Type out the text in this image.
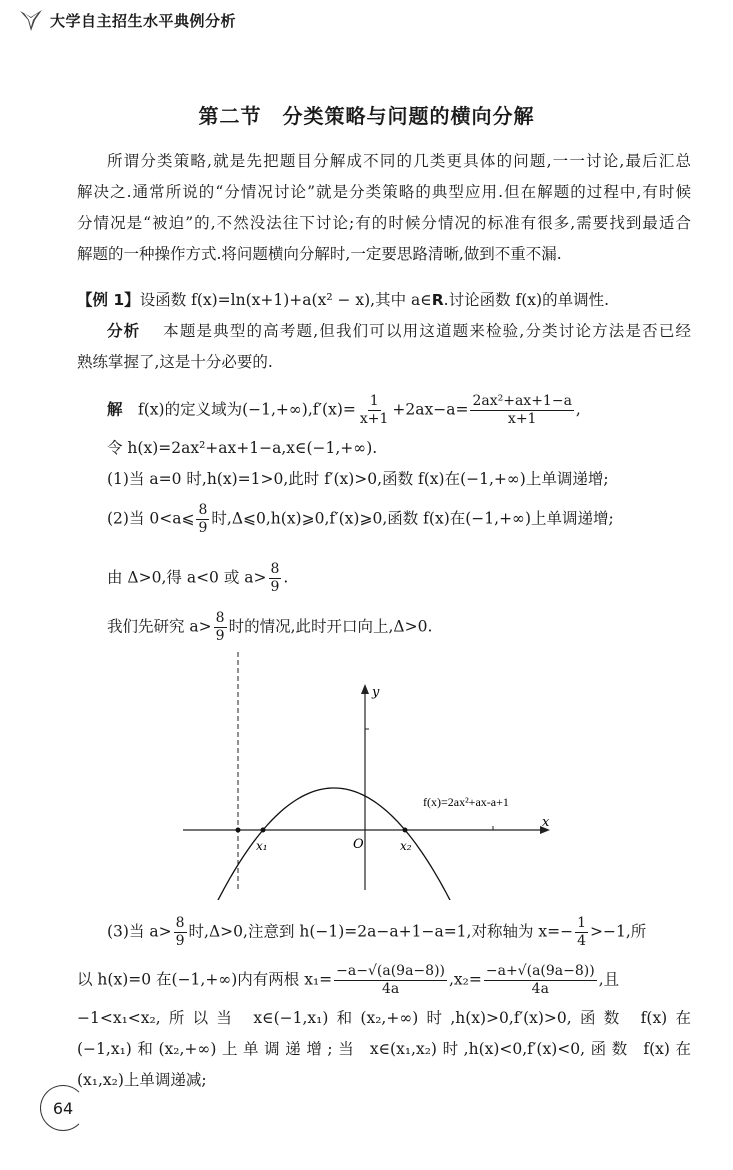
大学自主招生水平典例分析
第二节　分类策略与问题的横向分解
所谓分类策略,就是先把题目分解成不同的几类更具体的问题,一一讨论,最后汇总
解决之.通常所说的“分情况讨论”就是分类策略的典型应用.但在解题的过程中,有时候
分情况是“被迫”的,不然没法往下讨论;有的时候分情况的标准有很多,需要找到最适合
解题的一种操作方式.将问题横向分解时,一定要思路清晰,做到不重不漏.
【例 1】设函数 f(x)=ln(x+1)+a(x² − x),其中 a∈R.讨论函数 f(x)的单调性.
分析 　本题是典型的高考题,但我们可以用这道题来检验,分类讨论方法是否已经
熟练掌握了,这是十分必要的.
解　f(x)的定义域为$(-1,+\infty),f'(x)= \frac{1}{x+1} +2ax-a= \frac{\text{2ax²+ax+1−a}}{x+1}$ ,
令 h(x)=2ax²+ax+1−a,x∈(−1,+∞).
(1)当 a=0 时,h(x)=1>0,此时 f′(x)>0,函数 f(x)在(−1,+∞)上单调递增;
(2)当 0<a⩽ $\frac{8}{9}$ 时,Δ⩽0,h(x)⩾0,f′(x)⩾0,函数 f(x)在(−1,+∞)上单调递增;
由 Δ>0,得 a<0 或 $a> \frac{8}{9}$ .
我们先研究 $a> \frac{8}{9}$ 时的情况,此时开口向上,Δ>0.
(3)当 $a> \frac{8}{9}$ 时,Δ>0,注意到 h(−1)=2a−a+1−a=1,对称轴为 $x=- \frac{1}{4} >-1$,所
以 h(x)=0 在(−1,+∞)内有两根 $x_1= \frac{-a-√(a(9a-8))}{4a} ,x_2= \frac{-a+√(a(9a-8))}{4a}$ ,且
−1<x₁<x₂,所以当 x∈(−1,x₁)和(x₂,+∞)时,h(x)>0,f′(x)>0,函数 f(x)在
(−1,x₁)和(x₂,+∞)上单调递增;当 x∈(x₁,x₂)时,h(x)<0,f′(x)<0,函数 f(x)在
(x₁,x₂)上单调递减;
y
x
O
x₁	x₂
f(x)=2ax²+ax-a+1
64
